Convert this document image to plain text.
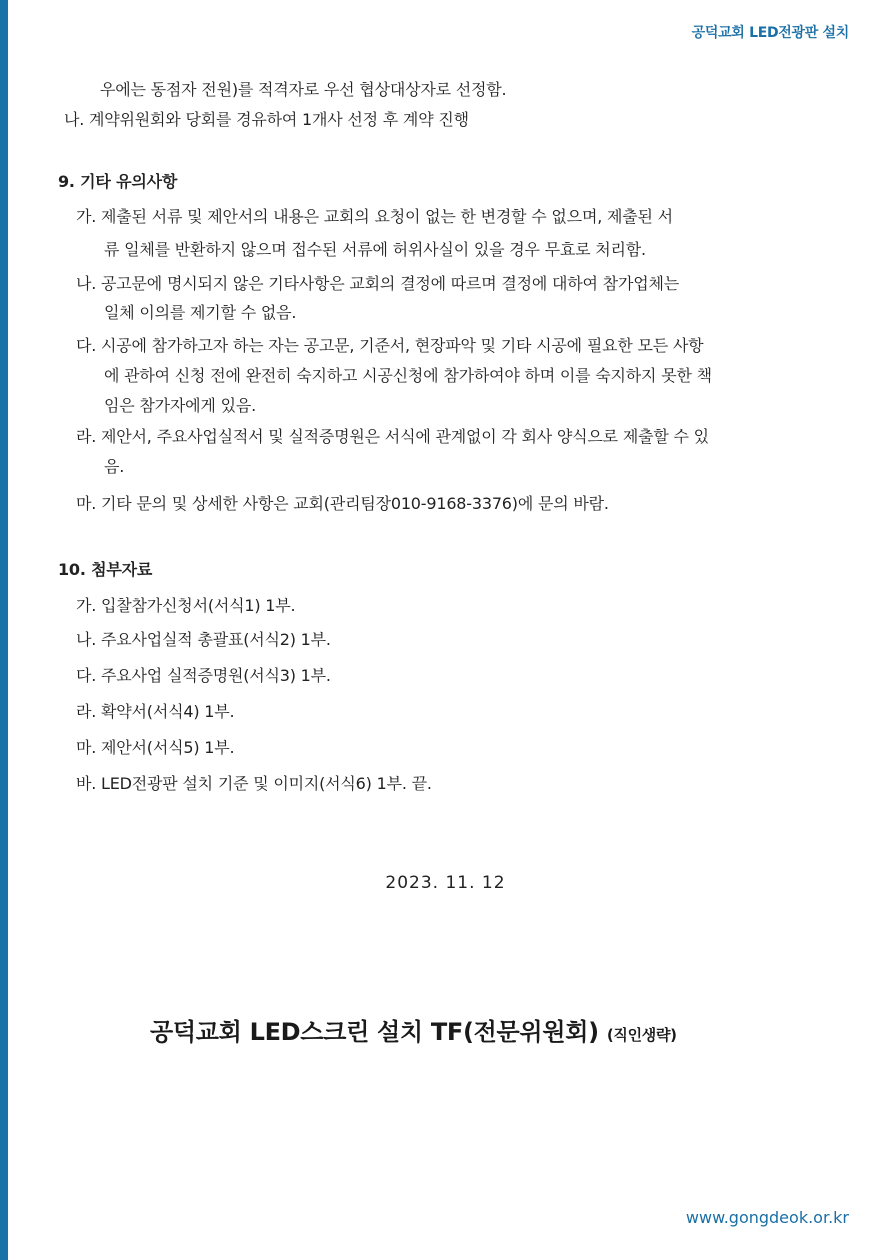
공덕교회 LED전광판 설치
우에는 동점자 전원)를 적격자로 우선 협상대상자로 선정함.
나. 계약위원회와 당회를 경유하여 1개사 선정 후 계약 진행
9. 기타 유의사항
가. 제출된 서류 및 제안서의 내용은 교회의 요청이 없는 한 변경할 수 없으며, 제출된 서
류 일체를 반환하지 않으며 접수된 서류에 허위사실이 있을 경우 무효로 처리함.
나. 공고문에 명시되지 않은 기타사항은 교회의 결정에 따르며 결정에 대하여 참가업체는
일체 이의를 제기할 수 없음.
다. 시공에 참가하고자 하는 자는 공고문, 기준서, 현장파악 및 기타 시공에 필요한 모든 사항
에 관하여 신청 전에 완전히 숙지하고 시공신청에 참가하여야 하며 이를 숙지하지 못한 책
임은 참가자에게 있음.
라. 제안서, 주요사업실적서 및 실적증명원은 서식에 관계없이 각 회사 양식으로 제출할 수 있
음.
마. 기타 문의 및 상세한 사항은 교회(관리팀장010-9168-3376)에 문의 바람.
10. 첨부자료
가. 입찰참가신청서(서식1) 1부.
나. 주요사업실적 총괄표(서식2) 1부.
다. 주요사업 실적증명원(서식3) 1부.
라. 확약서(서식4) 1부.
마. 제안서(서식5) 1부.
바. LED전광판 설치 기준 및 이미지(서식6) 1부. 끝.
2023. 11. 12
공덕교회 LED스크린 설치 TF(전문위원회) (직인생략)
www.gongdeok.or.kr
